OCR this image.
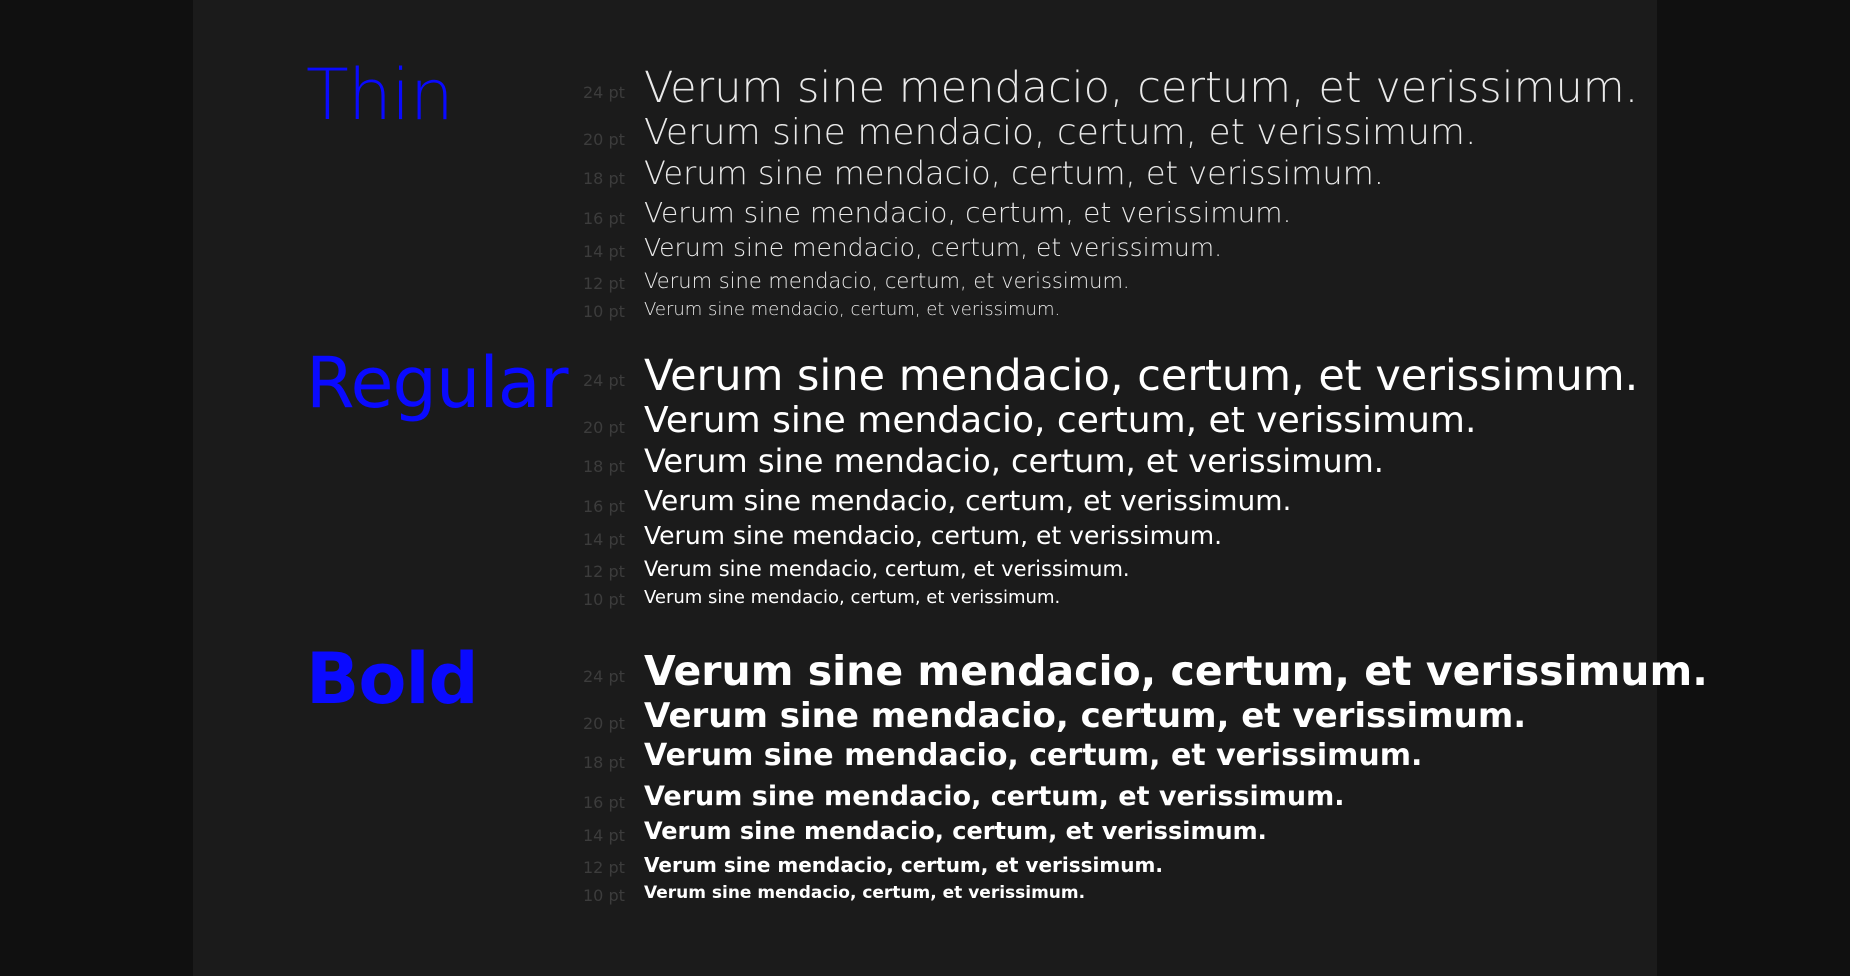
Thin	24 pt Verum sine mendacio, certum, et verissimum.
20 pt Verum sine mendacio, certum, et verissimum.
18 pt Verum sine mendacio, certum, et verissimum.
16 pt Verum sine mendacio, certum, et verissimum.
14 pt Verum sine mendacio, certum, et verissimum.
12 pt Verum sine mendacio, certum, et verissimum.
10 pt Verum sine mendacio, certum, et verissimum.
Regular 24 pt Verum sine mendacio, certum, et verissimum.
20 pt Verum sine mendacio, certum, et verissimum.
18 pt Verum sine mendacio, certum, et verissimum.
16 pt Verum sine mendacio, certum, et verissimum.
14 pt Verum sine mendacio, certum, et verissimum.
12 pt Verum sine mendacio, certum, et verissimum.
10 pt Verum sine mendacio, certum, et verissimum.
Bold	24 pt Verum sine mendacio, certum, et verissimum.
20 pt Verum sine mendacio, certum, et verissimum.
18 pt Verum sine mendacio, certum, et verissimum.
16 pt Verum sine mendacio, certum, et verissimum.
14 pt Verum sine mendacio, certum, et verissimum.
12 pt Verum sine mendacio, certum, et verissimum.
10 pt Verum sine mendacio, certum, et verissimum.
